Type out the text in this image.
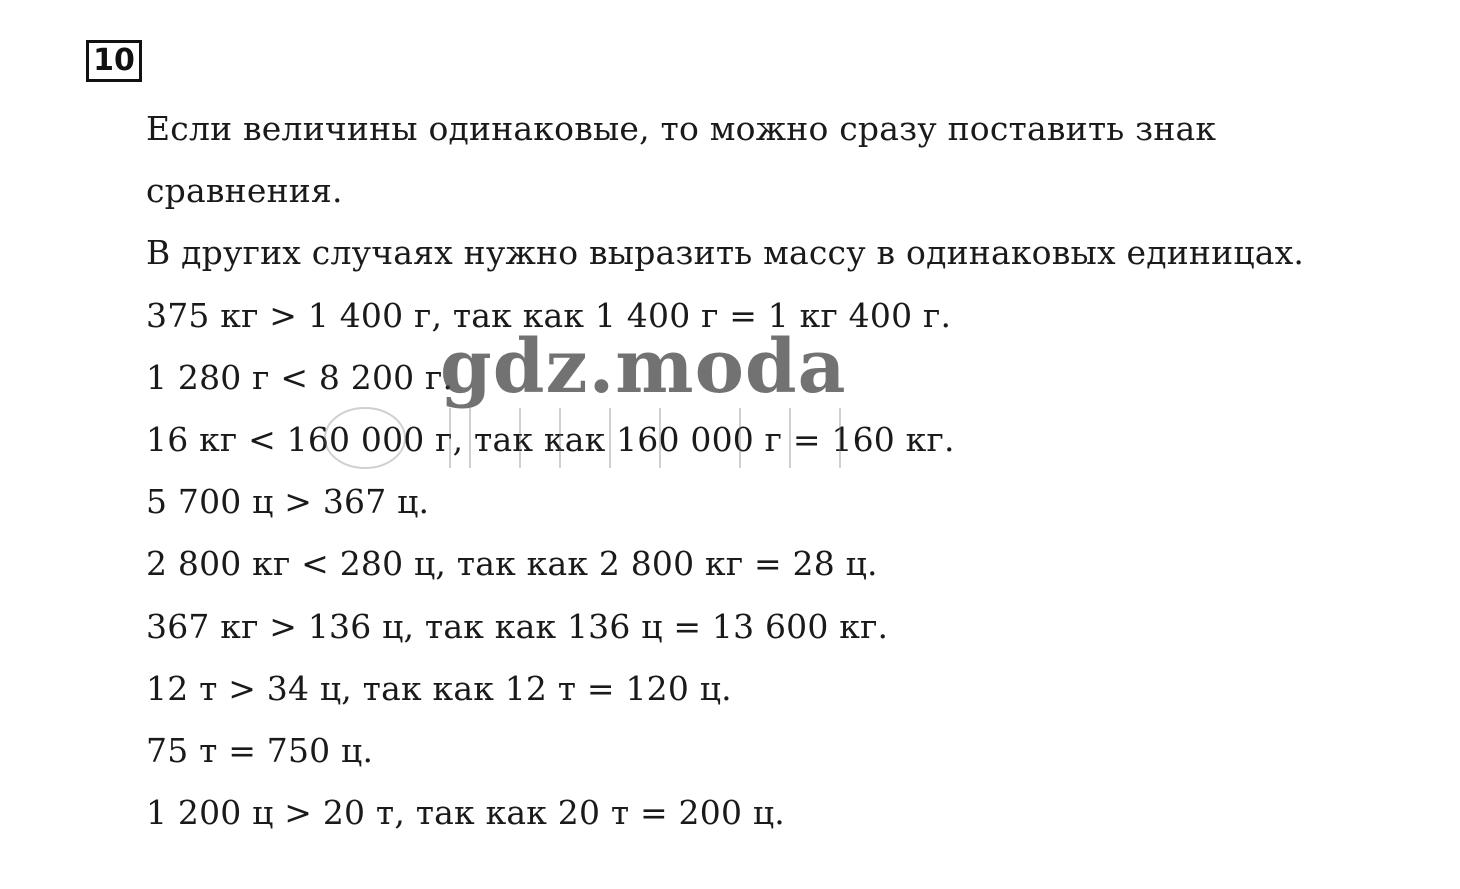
10
Если величины одинаковые, то можно сразу поставить знак
сравнения.
В других случаях нужно выразить массу в одинаковых единицах.
375 кг > 1 400 г, так как 1 400 г = 1 кг 400 г.
1 280 г < 8 200 г.
16 кг < 160 000 г, так как 160 000 г = 160 кг.
5 700 ц > 367 ц.
2 800 кг < 280 ц, так как 2 800 кг = 28 ц.
367 кг > 136 ц, так как 136 ц = 13 600 кг.
12 т > 34 ц, так как 12 т = 120 ц.
75 т = 750 ц.
1 200 ц > 20 т, так как 20 т = 200 ц.
gdz.moda
